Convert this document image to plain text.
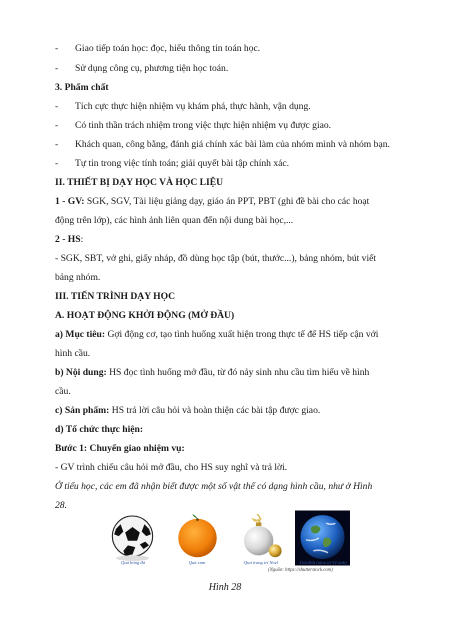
- Giao tiếp toán học: đọc, hiểu thông tin toán học.
- Sử dụng công cụ, phương tiện học toán.
3. Phẩm chất
- Tích cực thực hiện nhiệm vụ khám phá, thực hành, vận dụng.
- Có tinh thần trách nhiệm trong việc thực hiện nhiệm vụ được giao.
- Khách quan, công bằng, đánh giá chính xác bài làm của nhóm mình và nhóm bạn.
- Tự tin trong việc tính toán; giải quyết bài tập chính xác.
II. THIẾT BỊ DẠY HỌC VÀ HỌC LIỆU
1 - GV: SGK, SGV, Tài liệu giảng dạy, giáo án PPT, PBT (ghi đề bài cho các hoạt
động trên lớp), các hình ảnh liên quan đến nội dung bài học,...
2 - HS:
- SGK, SBT, vở ghi, giấy nháp, đồ dùng học tập (bút, thước...), bảng nhóm, bút viết
bảng nhóm.
III. TIẾN TRÌNH DẠY HỌC
A. HOẠT ĐỘNG KHỞI ĐỘNG (MỞ ĐẦU)
a) Mục tiêu: Gợi động cơ, tạo tình huống xuất hiện trong thực tế để HS tiếp cận với
hình cầu.
b) Nội dung: HS đọc tình huống mở đầu, từ đó nảy sinh nhu cầu tìm hiểu về hình
cầu.
c) Sản phẩm: HS trả lời câu hỏi và hoàn thiện các bài tập được giao.
d) Tổ chức thực hiện:
Bước 1: Chuyển giao nhiệm vụ:
- GV trình chiếu câu hỏi mở đầu, cho HS suy nghĩ và trả lời.
Ở tiểu học, các em đã nhận biết được một số vật thể có dạng hình cầu, như ở Hình
28.
Quả bóng đá	Quả cam	Quả trang trí Noel	Trái Đất (nhìn từ Vệ tinh)
(Nguồn: https://shutterstock.com)
Hình 28
